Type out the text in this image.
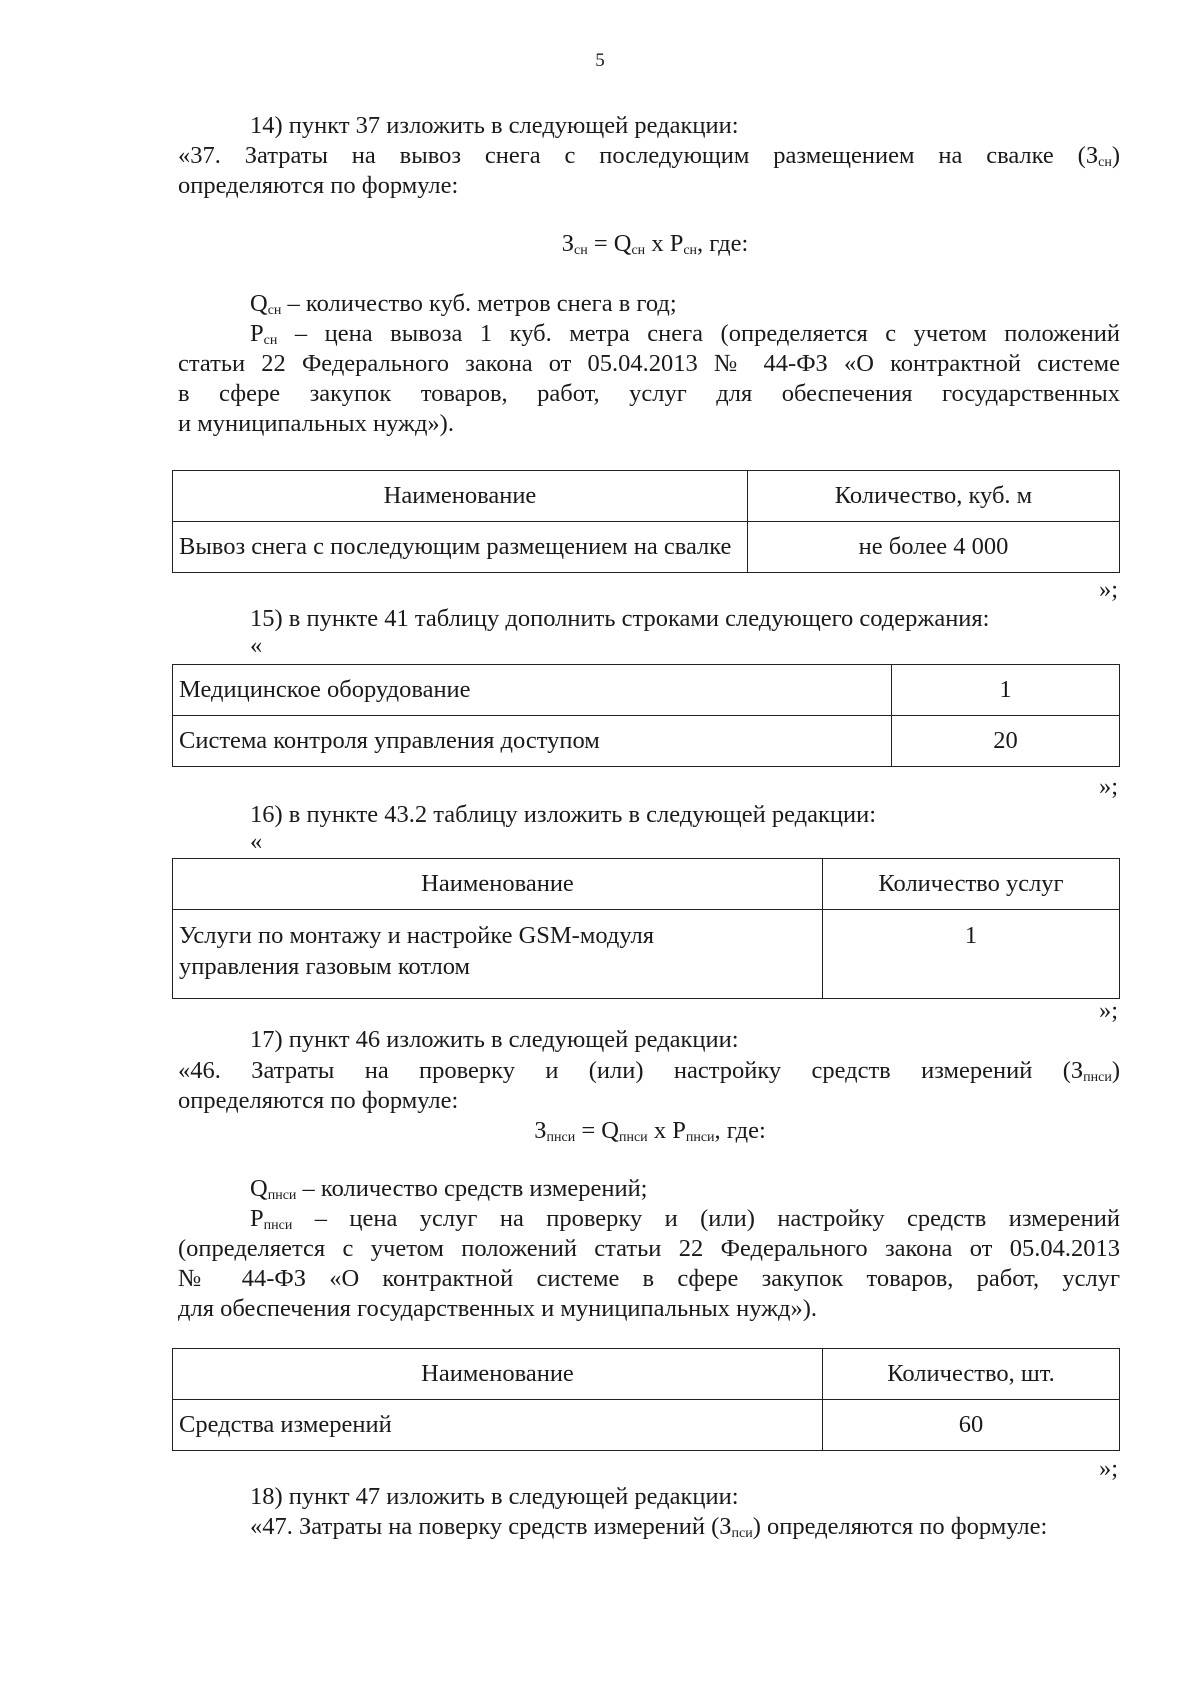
5
14) пункт 37 изложить в следующей редакции:
«37. Затраты на вывоз снега с последующим размещением на свалке $(З_{сн})$
определяются по формуле:
$З_{сн} = Q_{сн}$ x $P_{сн}$, где:
$Q_{сн}$ – количество куб. метров снега в год;
$Р_{сн}$ – цена вывоза 1 куб. метра снега (определяется с учетом положений
статьи 22 Федерального закона от 05.04.2013 № 44-ФЗ «О контрактной системе
в сфере закупок товаров, работ, услуг для обеспечения государственных
и муниципальных нужд»).
Наименование	Количество, куб. м
Вывоз снега с последующим размещением на свалке	не более 4 000
»;
15) в пункте 41 таблицу дополнить строками следующего содержания:
«
Медицинское оборудование	1
Система контроля управления доступом	20
»;
16) в пункте 43.2 таблицу изложить в следующей редакции:
«
Наименование	Количество услуг
Услуги по монтажу и настройке GSM-модуля
управления газовым котлом	1
»;
17) пункт 46 изложить в следующей редакции:
«46. Затраты на проверку и (или) настройку средств измерений $(З_{пнси})$
определяются по формуле:
$З_{пнси} = Q_{пнси}$ x $P_{пнси}$, где:
$Q_{пнси}$ – количество средств измерений;
$Р_{пнси}$ – цена услуг на проверку и (или) настройку средств измерений
(определяется с учетом положений статьи 22 Федерального закона от 05.04.2013
№ 44-ФЗ «О контрактной системе в сфере закупок товаров, работ, услуг
для обеспечения государственных и муниципальных нужд»).
Наименование	Количество, шт.
Средства измерений	60
»;
18) пункт 47 изложить в следующей редакции:
«47. Затраты на поверку средств измерений $(З_{пси})$ определяются по формуле:
